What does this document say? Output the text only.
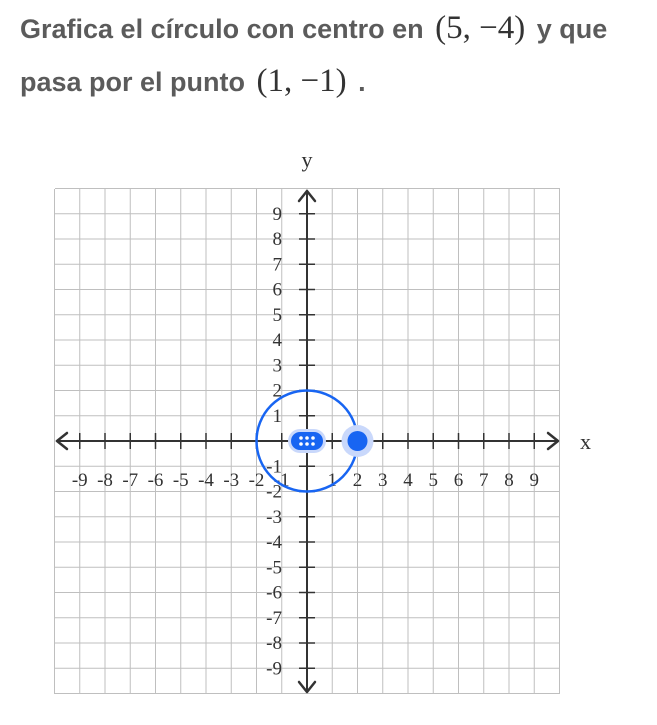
Grafica el círculo con centro en (5, −4) y que pasa por el punto (1, −1) .
-9 -8 -7 -6 -5 -4 -3 -2 -1 1 2 3 4 5 6 7 8 9
9
8
7
6
5
4
3
2
1
-1
-2
-3
-4
-5
-6
-7
-8
-9
x
y
